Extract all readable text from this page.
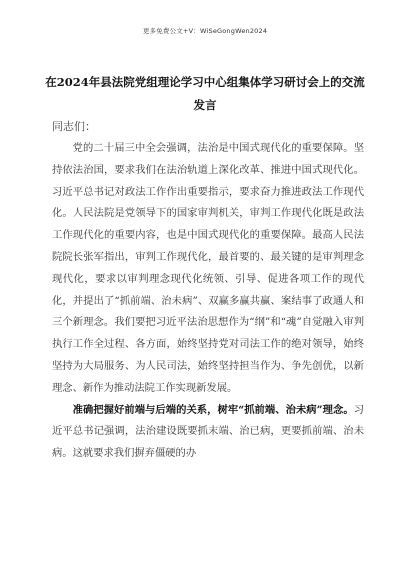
更多免费公文+V：WiSeGongWen2024
在2024年县法院党组理论学习中心组集体学习研讨会上的交流发言
同志们：

党的二十届三中全会强调，法治是中国式现代化的重要保障。坚持依法治国，要求我们在法治轨道上深化改革、推进中国式现代化。习近平总书记对政法工作作出重要指示，要求奋力推进政法工作现代化。人民法院是党领导下的国家审判机关，审判工作现代化既是政法工作现代化的重要内容，也是中国式现代化的重要保障。最高人民法院院长张军指出，审判工作现代化，最首要的、最关键的是审判理念现代化，要求以审判理念现代化统领、引导、促进各项工作的现代化，并提出了“抓前端、治未病”、双赢多赢共赢、案结事了政通人和三个新理念。我们要把习近平法治思想作为“纲”和“魂”自觉融入审判执行工作全过程、各方面，始终坚持党对司法工作的绝对领导，始终坚持为大局服务、为人民司法，始终坚持担当作为、争先创优，以新理念、新作为推动法院工作实现新发展。

准确把握好前端与后端的关系，树牢“抓前端、治未病”理念。习近平总书记强调，法治建设既要抓末端、治已病，更要抓前端、治未病。这就要求我们摒弃僵硬的办
